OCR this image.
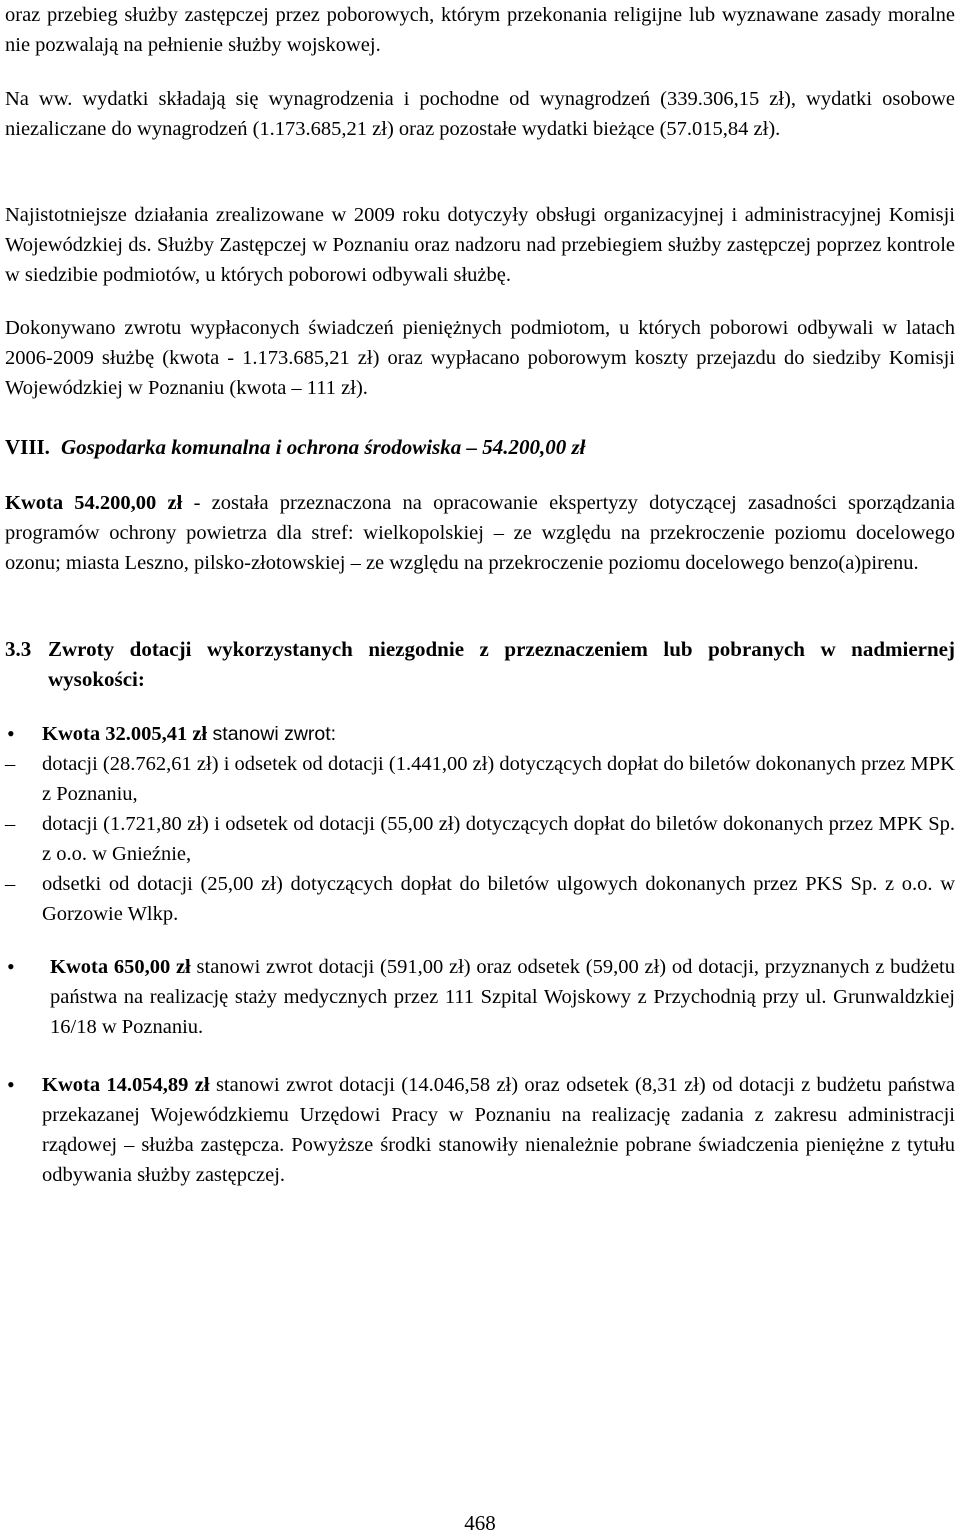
oraz przebieg służby zastępczej przez poborowych, którym przekonania religijne lub wyznawane zasady moralne nie pozwalają na pełnienie służby wojskowej.

Na ww. wydatki składają się wynagrodzenia i pochodne od wynagrodzeń (339.306,15 zł), wydatki osobowe niezaliczane do wynagrodzeń (1.173.685,21 zł) oraz pozostałe wydatki bieżące (57.015,84 zł).

Najistotniejsze działania zrealizowane w 2009 roku dotyczyły obsługi organizacyjnej i administracyjnej Komisji Wojewódzkiej ds. Służby Zastępczej w Poznaniu oraz nadzoru nad przebiegiem służby zastępczej poprzez kontrole w siedzibie podmiotów, u których poborowi odbywali służbę.

Dokonywano zwrotu wypłaconych świadczeń pieniężnych podmiotom, u których poborowi odbywali w latach 2006-2009 służbę (kwota - 1.173.685,21 zł) oraz wypłacano poborowym koszty przejazdu do siedziby Komisji Wojewódzkiej w Poznaniu (kwota – 111 zł).

VIII. Gospodarka komunalna i ochrona środowiska – 54.200,00 zł

Kwota 54.200,00 zł - została przeznaczona na opracowanie ekspertyzy dotyczącej zasadności sporządzania programów ochrony powietrza dla stref: wielkopolskiej – ze względu na przekroczenie poziomu docelowego ozonu; miasta Leszno, pilsko-złotowskiej – ze względu na przekroczenie poziomu docelowego benzo(a)pirenu.

3.3 Zwroty dotacji wykorzystanych niezgodnie z przeznaczeniem lub pobranych w nadmiernej wysokości:
• Kwota 32.005,41 zł stanowi zwrot:
–	dotacji (28.762,61 zł) i odsetek od dotacji (1.441,00 zł) dotyczących dopłat do biletów dokonanych przez MPK z Poznaniu,
–	dotacji (1.721,80 zł) i odsetek od dotacji (55,00 zł) dotyczących dopłat do biletów dokonanych przez MPK Sp. z o.o. w Gnieźnie,
–	odsetki od dotacji (25,00 zł) dotyczących dopłat do biletów ulgowych dokonanych przez PKS Sp. z o.o. w Gorzowie Wlkp.
• Kwota 650,00 zł stanowi zwrot dotacji (591,00 zł) oraz odsetek (59,00 zł) od dotacji, przyznanych z budżetu państwa na realizację staży medycznych przez 111 Szpital Wojskowy z Przychodnią przy ul. Grunwaldzkiej 16/18 w Poznaniu.

• Kwota 14.054,89 zł stanowi zwrot dotacji (14.046,58 zł) oraz odsetek (8,31 zł) od dotacji z budżetu państwa przekazanej Wojewódzkiemu Urzędowi Pracy w Poznaniu na realizację zadania z zakresu administracji rządowej – służba zastępcza. Powyższe środki stanowiły nienależnie pobrane świadczenia pieniężne z tytułu odbywania służby zastępczej.

468
